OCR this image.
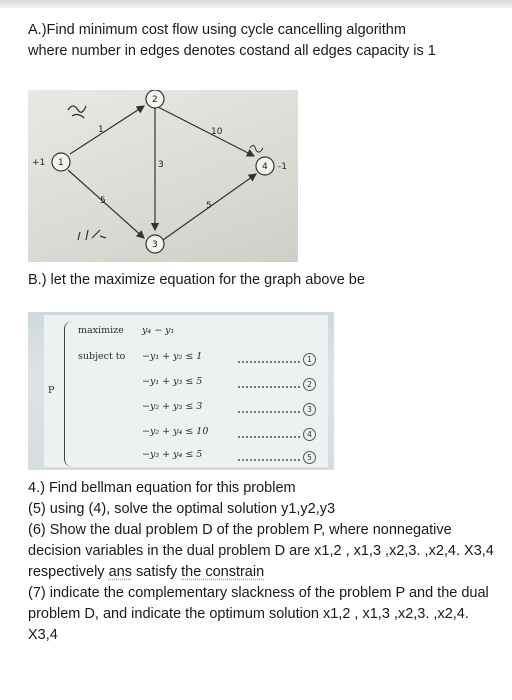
A.)Find minimum cost flow using cycle cancelling algorithm where number in edges denotes costand all edges capacity is 1

1
2
3
4
+1	-1
1
3
10
5	5

B.) let the maximize equation for the graph above be

P
maximize y₄ − y₁
subject to −y₁ + y₂ ≤ 1	1
−y₁ + y₃ ≤ 5	2
−y₂ + y₃ ≤ 3	3
−y₂ + y₄ ≤ 10	4
−y₃ + y₄ ≤ 5	5

4.) Find bellman equation for this problem

(5) using (4), solve the optimal solution y1,y2,y3

(6) Show the dual problem D of the problem P, where nonnegative decision variables in the dual problem D are x1,2 , x1,3 ,x2,3. ,x2,4. X3,4 respectively ans satisfy the constrain

(7) indicate the complementary slackness of the problem P and the dual problem D, and indicate the optimum solution x1,2 , x1,3 ,x2,3. ,x2,4. X3,4
